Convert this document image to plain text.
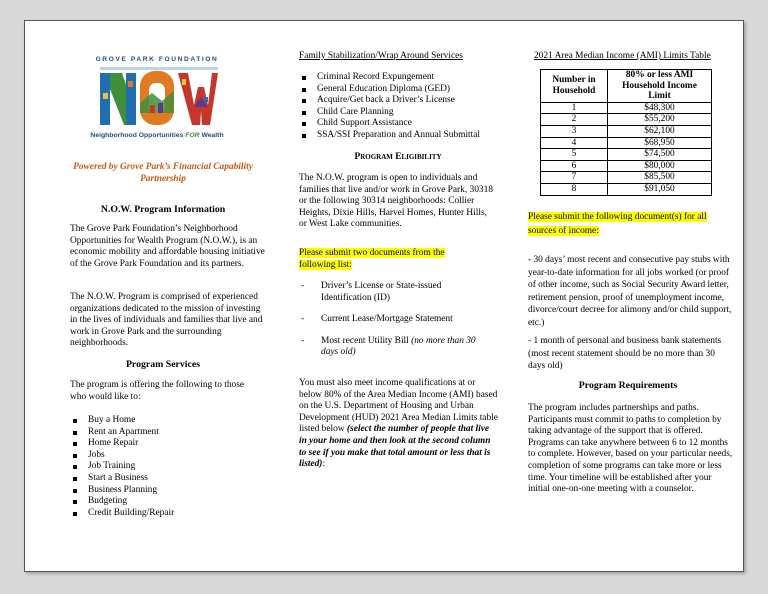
GROVE PARK FOUNDATION
Neighborhood Opportunities FOR Wealth
Powered by Grove Park’s Financial Capability Partnership
N.O.W. Program Information

The Grove Park Foundation’s Neighborhood Opportunities for Wealth Program (N.O.W.), is an economic mobility and affordable housing initiative of the Grove Park Foundation and its partners.

The N.O.W. Program is comprised of experienced organizations dedicated to the mission of investing in the lives of individuals and families that live and work in Grove Park and the surrounding neighborhoods.

Program Services

The program is offering the following to those who would like to:

Buy a Home
Rent an Apartment
Home Repair
Jobs
Job Training
Start a Business
Business Planning
Budgeting
Credit Building/Repair
Family Stabilization/Wrap Around Services
Criminal Record Expungement
General Education Diploma (GED)
Acquire/Get back a Driver’s License
Child Care Planning
Child Support Assistance
SSA/SSI Preparation and Annual Submittal
Program Eligibility

The N.O.W. program is open to individuals and families that live and/or work in Grove Park, 30318 or the following 30314 neighborhoods: Collier Heights, Dixie Hills, Harvel Homes, Hunter Hills, or West Lake communities.

Please submit two documents from the following list:

- Driver’s License or State-issued Identification (ID)
- Current Lease/Mortgage Statement
- Most recent Utility Bill (no more than 30 days old)

You must also meet income qualifications at or below 80% of the Area Median Income (AMI) based on the U.S. Department of Housing and Urban Development (HUD) 2021 Area Median Limits table listed below (select the number of people that live in your home and then look at the second column to see if you make that total amount or less that is listed):

2021 Area Median Income (AMI) Limits Table
Number in Household	80% or less AMI Household Income Limit
1	$48,300
2	$55,200
3	$62,100
4	$68,950
5	$74,500
6	$80,000
7	$85,500
8	$91,050

Please submit the following document(s) for all sources of income:

- 30 days’ most recent and consecutive pay stubs with year-to-date information for all jobs worked (or proof of other income, such as Social Security Award letter, retirement pension, proof of unemployment income, divorce/court decree for alimony and/or child support, etc.)

- 1 month of personal and business bank statements (most recent statement should be no more than 30 days old)

Program Requirements

The program includes partnerships and paths. Participants must commit to paths to completion by taking advantage of the support that is offered. Programs can take anywhere between 6 to 12 months to complete. However, based on your particular needs, completion of some programs can take more or less time. Your timeline will be established after your initial one-on-one meeting with a counselor.
